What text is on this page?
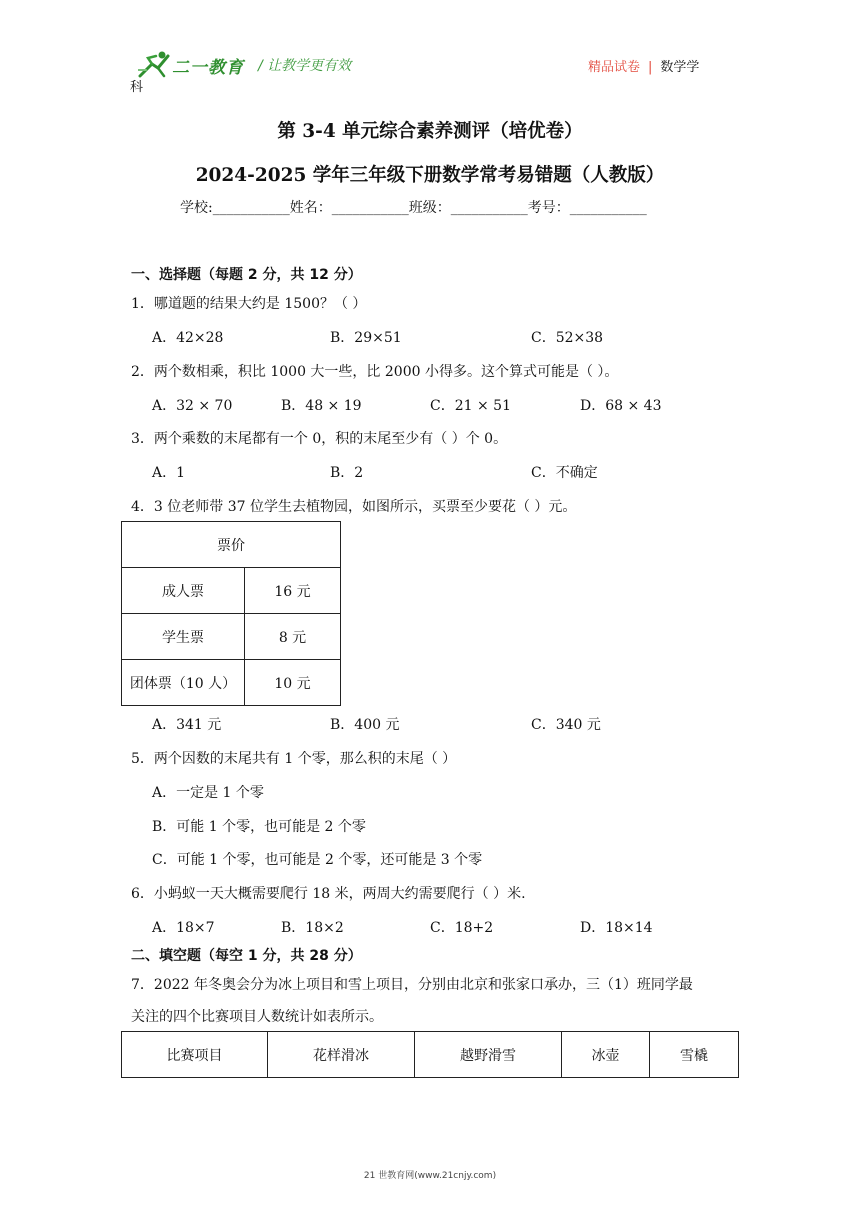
二一教育 / 让教学更有效	精品试卷 | 数学学
科
第 3-4 单元综合素养测评（培优卷）
2024-2025 学年三年级下册数学常考易错题（人教版）
学校:___________姓名：___________班级：___________考号：___________
一、选择题（每题 2 分，共 12 分）
1．哪道题的结果大约是 1500？（ ）
A．42×28	B．29×51	C．52×38
2．两个数相乘，积比 1000 大一些，比 2000 小得多。这个算式可能是（ ）。
A．32 × 70	B．48 × 19	C．21 × 51	D．68 × 43
3．两个乘数的末尾都有一个 0，积的末尾至少有（ ）个 0。
A．1	B．2	C．不确定
4．3 位老师带 37 位学生去植物园，如图所示，买票至少要花（ ）元。
票价	
成人票	16 元
学生票	8 元
团体票（10 人）	10 元
A．341 元	B．400 元	C．340 元
5．两个因数的末尾共有 1 个零，那么积的末尾（ ）
A．一定是 1 个零
B．可能 1 个零，也可能是 2 个零
C．可能 1 个零，也可能是 2 个零，还可能是 3 个零
6．小蚂蚁一天大概需要爬行 18 米，两周大约需要爬行（ ）米.
A．18×7	B．18×2	C．18+2	D．18×14
二、填空题（每空 1 分，共 28 分）
7．2022 年冬奥会分为冰上项目和雪上项目，分别由北京和张家口承办，三（1）班同学最
关注的四个比赛项目人数统计如表所示。
比赛项目	花样滑冰	越野滑雪	冰壶	雪橇
21 世教育网(www.21cnjy.com)
